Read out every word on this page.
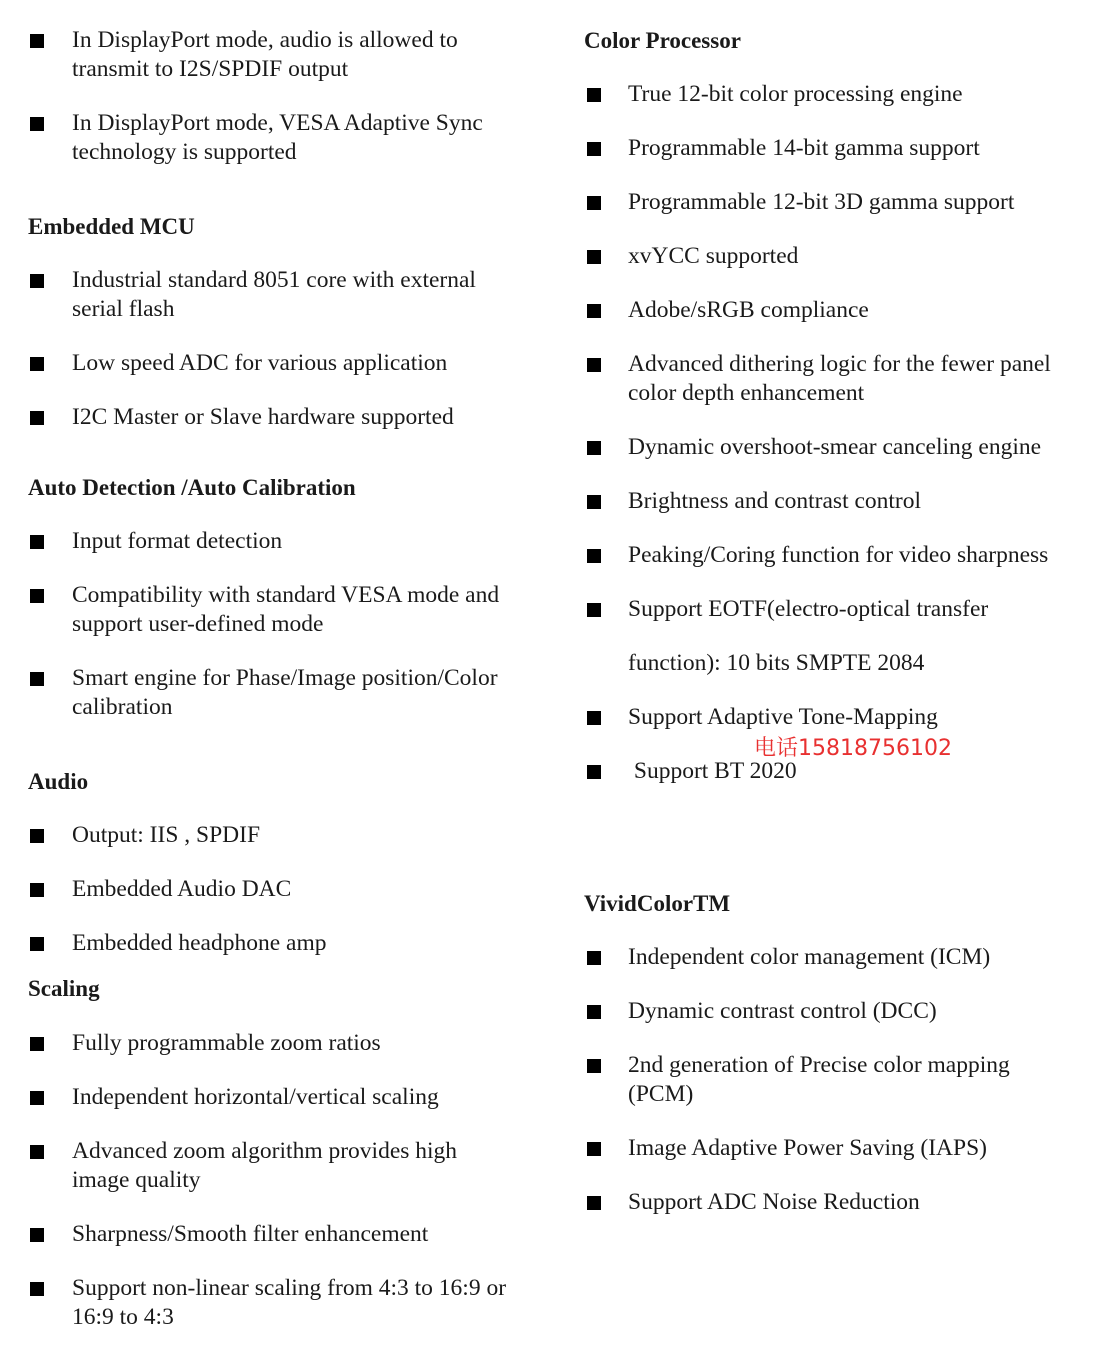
In DisplayPort mode, audio is allowed to
transmit to I2S/SPDIF output
In DisplayPort mode, VESA Adaptive Sync
technology is supported
Embedded MCU
Industrial standard 8051 core with external
serial flash
Low speed ADC for various application
I2C Master or Slave hardware supported
Auto Detection /Auto Calibration
Input format detection
Compatibility with standard VESA mode and
support user-defined mode
Smart engine for Phase/Image position/Color
calibration
Audio
Output: IIS , SPDIF
Embedded Audio DAC
Embedded headphone amp
Scaling
Fully programmable zoom ratios
Independent horizontal/vertical scaling
Advanced zoom algorithm provides high
image quality
Sharpness/Smooth filter enhancement
Support non-linear scaling from 4:3 to 16:9 or
16:9 to 4:3
Color Processor
True 12-bit color processing engine
Programmable 14-bit gamma support
Programmable 12-bit 3D gamma support
xvYCC supported
Adobe/sRGB compliance
Advanced dithering logic for the fewer panel
color depth enhancement
Dynamic overshoot-smear canceling engine
Brightness and contrast control
Peaking/Coring function for video sharpness
Support EOTF(electro-optical transfer
function): 10 bits SMPTE 2084
Support Adaptive Tone-Mapping
Support BT 2020
VividColorTM
Independent color management (ICM)
Dynamic contrast control (DCC)
2nd generation of Precise color mapping
(PCM)
Image Adaptive Power Saving (IAPS)
Support ADC Noise Reduction
电话15818756102
